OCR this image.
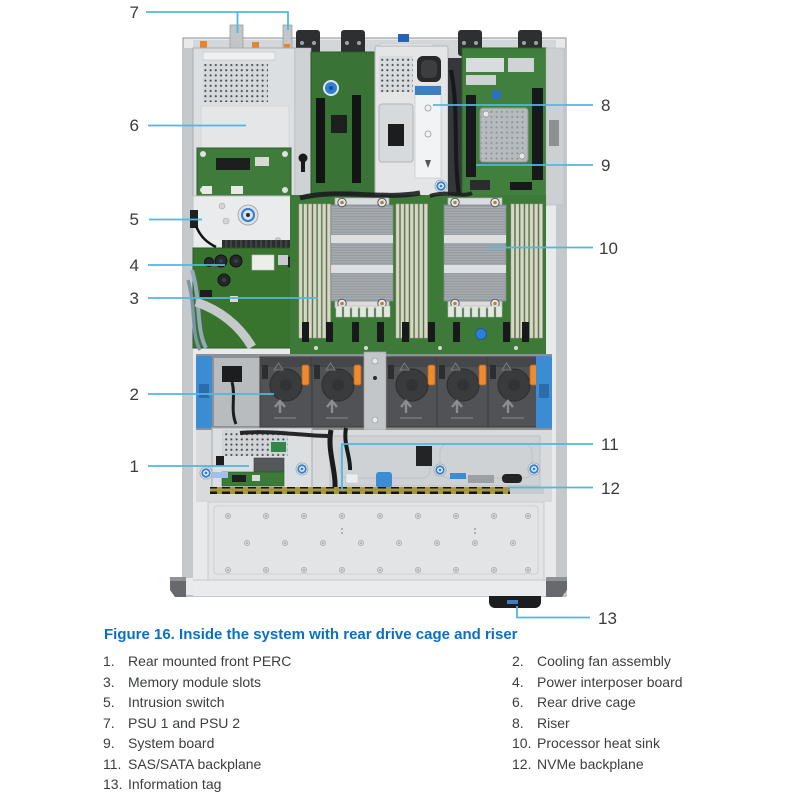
7
6
5
4
3
2
1
8
9
10
11
12
13
Figure 16. Inside the system with rear drive cage and riser
1. Rear mounted front PERC
3. Memory module slots
5. Intrusion switch
7. PSU 1 and PSU 2
9. System board
11. SAS/SATA backplane
13. Information tag
2. Cooling fan assembly
4. Power interposer board
6. Rear drive cage
8. Riser
10. Processor heat sink
12. NVMe backplane
